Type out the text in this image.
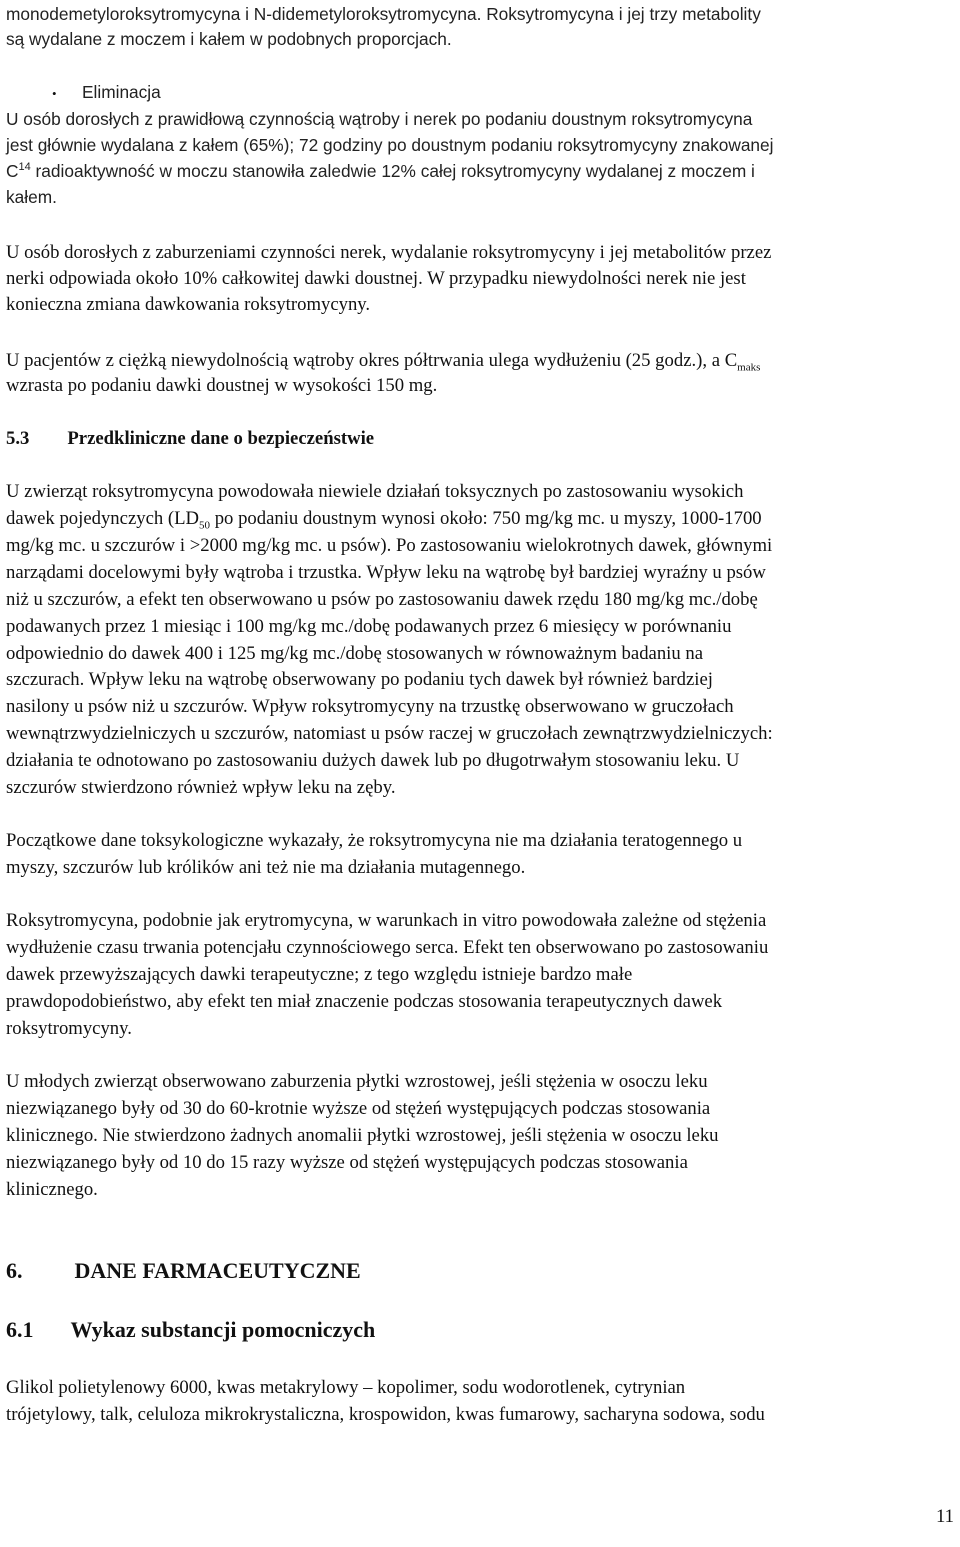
monodemetyloroksytromycyna i N-didemetyloroksytromycyna. Roksytromycyna i jej trzy metabolity
są wydalane z moczem i kałem w podobnych proporcjach.
• Eliminacja
U osób dorosłych z prawidłową czynnością wątroby i nerek po podaniu doustnym roksytromycyna
jest głównie wydalana z kałem (65%); 72 godziny po doustnym podaniu roksytromycyny znakowanej
$C^{14}$ radioaktywność w moczu stanowiła zaledwie 12% całej roksytromycyny wydalanej z moczem i
kałem.
U osób dorosłych z zaburzeniami czynności nerek, wydalanie roksytromycyny i jej metabolitów przez
nerki odpowiada około 10% całkowitej dawki doustnej. W przypadku niewydolności nerek nie jest
konieczna zmiana dawkowania roksytromycyny.
U pacjentów z ciężką niewydolnością wątroby okres półtrwania ulega wydłużeniu (25 godz.), a $C_{maks}$
wzrasta po podaniu dawki doustnej w wysokości 150 mg.
5.3 Przedkliniczne dane o bezpieczeństwie
U zwierząt roksytromycyna powodowała niewiele działań toksycznych po zastosowaniu wysokich
dawek pojedynczych ($LD_{50}$ po podaniu doustnym wynosi około: 750 mg/kg mc. u myszy, 1000-1700
mg/kg mc. u szczurów i >2000 mg/kg mc. u psów). Po zastosowaniu wielokrotnych dawek, głównymi
narządami docelowymi były wątroba i trzustka. Wpływ leku na wątrobę był bardziej wyraźny u psów
niż u szczurów, a efekt ten obserwowano u psów po zastosowaniu dawek rzędu 180 mg/kg mc./dobę
podawanych przez 1 miesiąc i 100 mg/kg mc./dobę podawanych przez 6 miesięcy w porównaniu
odpowiednio do dawek 400 i 125 mg/kg mc./dobę stosowanych w równoważnym badaniu na
szczurach. Wpływ leku na wątrobę obserwowany po podaniu tych dawek był również bardziej
nasilony u psów niż u szczurów. Wpływ roksytromycyny na trzustkę obserwowano w gruczołach
wewnątrzwydzielniczych u szczurów, natomiast u psów raczej w gruczołach zewnątrzwydzielniczych:
działania te odnotowano po zastosowaniu dużych dawek lub po długotrwałym stosowaniu leku. U
szczurów stwierdzono również wpływ leku na zęby.
Początkowe dane toksykologiczne wykazały, że roksytromycyna nie ma działania teratogennego u
myszy, szczurów lub królików ani też nie ma działania mutagennego.
Roksytromycyna, podobnie jak erytromycyna, w warunkach in vitro powodowała zależne od stężenia
wydłużenie czasu trwania potencjału czynnościowego serca. Efekt ten obserwowano po zastosowaniu
dawek przewyższających dawki terapeutyczne; z tego względu istnieje bardzo małe
prawdopodobieństwo, aby efekt ten miał znaczenie podczas stosowania terapeutycznych dawek
roksytromycyny.
U młodych zwierząt obserwowano zaburzenia płytki wzrostowej, jeśli stężenia w osoczu leku
niezwiązanego były od 30 do 60-krotnie wyższe od stężeń występujących podczas stosowania
klinicznego. Nie stwierdzono żadnych anomalii płytki wzrostowej, jeśli stężenia w osoczu leku
niezwiązanego były od 10 do 15 razy wyższe od stężeń występujących podczas stosowania
klinicznego.
6. DANE FARMACEUTYCZNE
6.1 Wykaz substancji pomocniczych
Glikol polietylenowy 6000, kwas metakrylowy – kopolimer, sodu wodorotlenek, cytrynian
trójetylowy, talk, celuloza mikrokrystaliczna, krospowidon, kwas fumarowy, sacharyna sodowa, sodu
11
